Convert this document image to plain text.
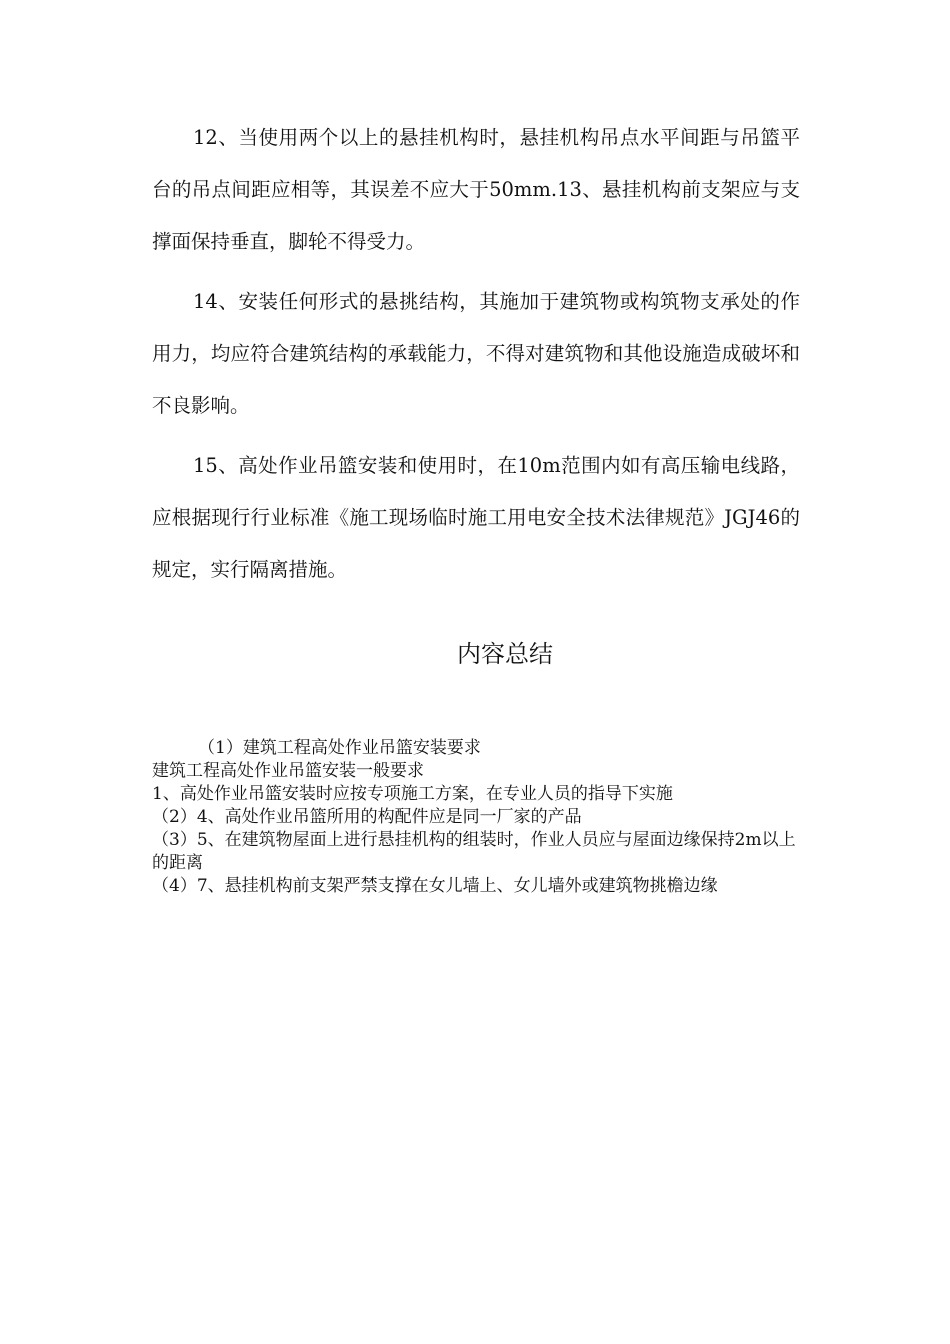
12、当使用两个以上的悬挂机构时，悬挂机构吊点水平间距与吊篮平台的吊点间距应相等，其误差不应大于50mm.13、悬挂机构前支架应与支撑面保持垂直，脚轮不得受力。

14、安装任何形式的悬挑结构，其施加于建筑物或构筑物支承处的作用力，均应符合建筑结构的承载能力，不得对建筑物和其他设施造成破坏和不良影响。

15、高处作业吊篮安装和使用时，在10m范围内如有高压输电线路，应根据现行行业标准《施工现场临时施工用电安全技术法律规范》JGJ46的规定，实行隔离措施。

内容总结

（1）建筑工程高处作业吊篮安装要求

建筑工程高处作业吊篮安装一般要求

1、高处作业吊篮安装时应按专项施工方案，在专业人员的指导下实施

（2）4、高处作业吊篮所用的构配件应是同一厂家的产品

（3）5、在建筑物屋面上进行悬挂机构的组装时，作业人员应与屋面边缘保持2m以上的距离

（4）7、悬挂机构前支架严禁支撑在女儿墙上、女儿墙外或建筑物挑檐边缘
